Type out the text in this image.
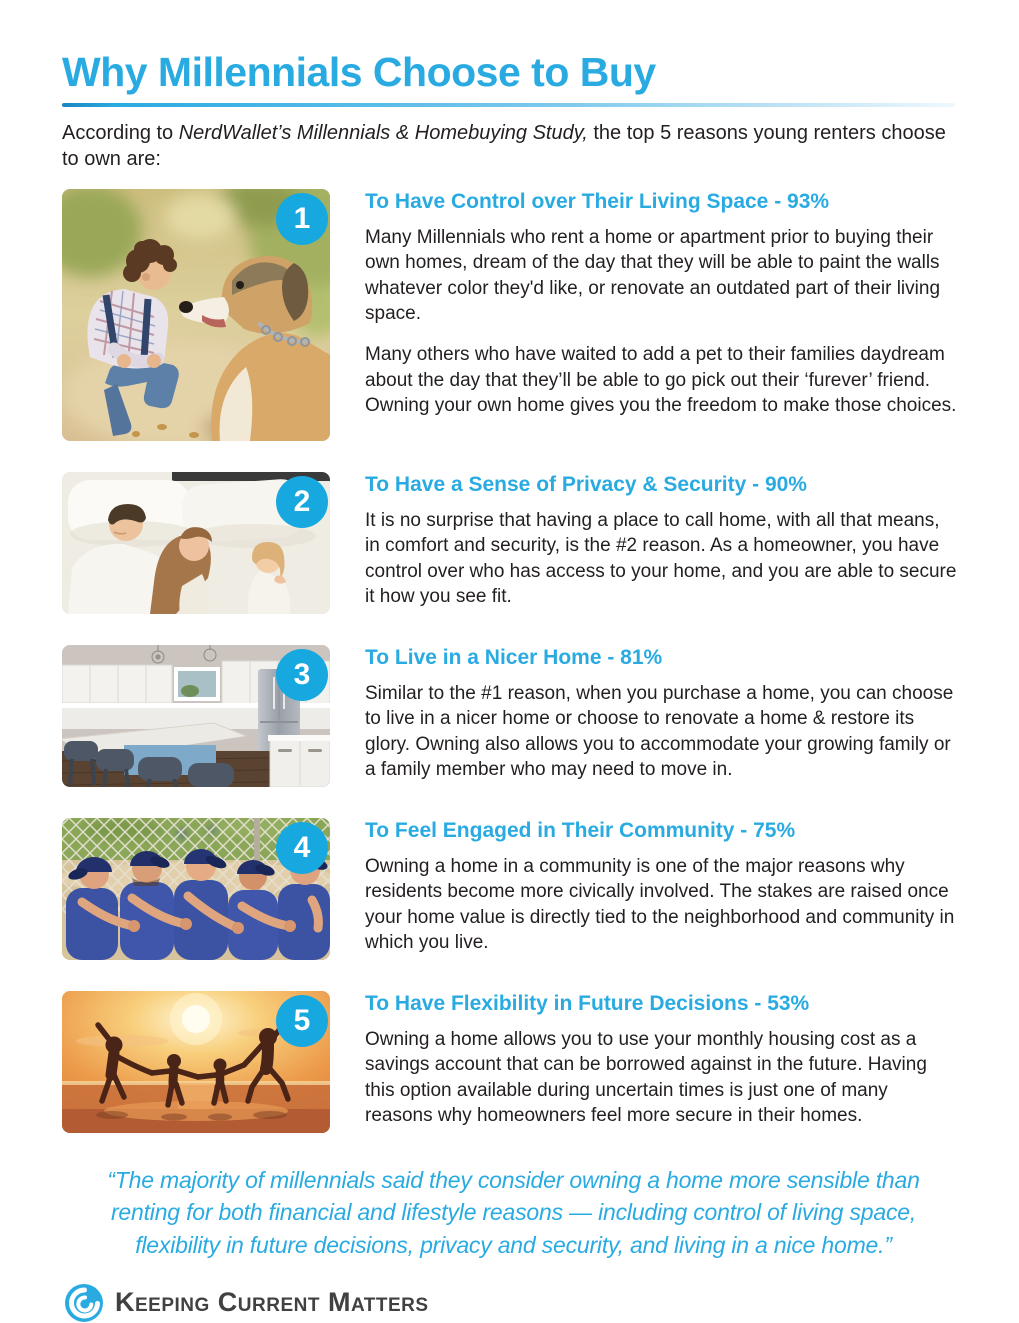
Why Millennials Choose to Buy
According to NerdWallet’s Millennials & Homebuying Study, the top 5 reasons young renters choose to own are:
1
To Have Control over Their Living Space - 93%

Many Millennials who rent a home or apartment prior to buying their own homes, dream of the day that they will be able to paint the walls whatever color they'd like, or renovate an outdated part of their living space.

Many others who have waited to add a pet to their families daydream about the day that they’ll be able to go pick out their ‘furever’ friend. Owning your own home gives you the freedom to make those choices.

2
To Have a Sense of Privacy & Security - 90%

It is no surprise that having a place to call home, with all that means, in comfort and security, is the #2 reason. As a homeowner, you have control over who has access to your home, and you are able to secure it how you see fit.

3
To Live in a Nicer Home - 81%

Similar to the #1 reason, when you purchase a home, you can choose to live in a nicer home or choose to renovate a home & restore its glory. Owning also allows you to accommodate your growing family or a family member who may need to move in.

4
To Feel Engaged in Their Community - 75%

Owning a home in a community is one of the major reasons why residents become more civically involved. The stakes are raised once your home value is directly tied to the neighborhood and community in which you live.

5
To Have Flexibility in Future Decisions - 53%

Owning a home allows you to use your monthly housing cost as a savings account that can be borrowed against in the future. Having this option available during uncertain times is just one of many reasons why homeowners feel more secure in their homes.

“The majority of millennials said they consider owning a home more sensible than
renting for both financial and lifestyle reasons — including control of living space,
flexibility in future decisions, privacy and security, and living in a nice home.”
Keeping Current Matters
